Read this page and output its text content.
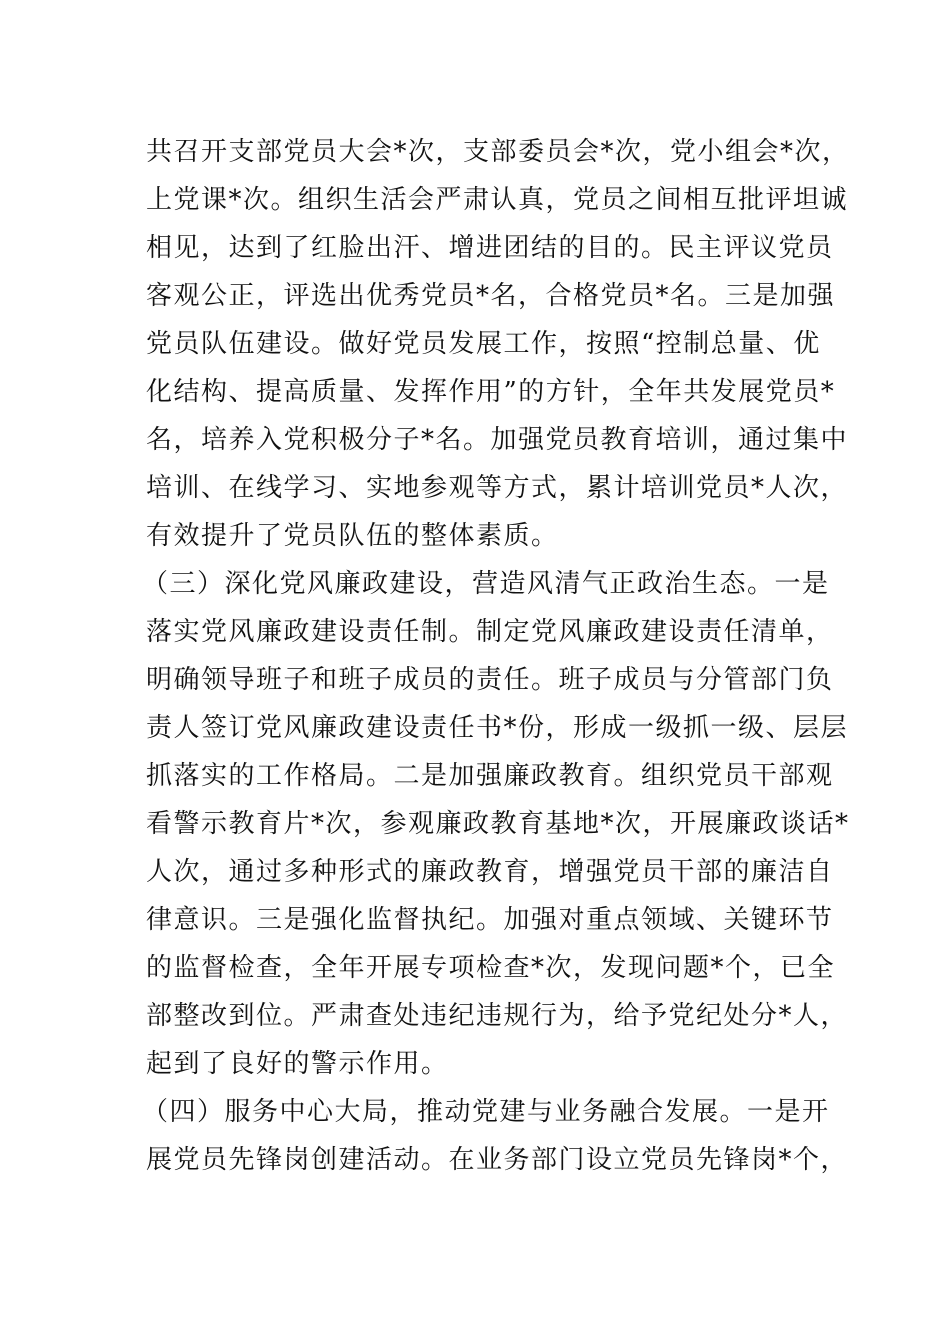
共召开支部党员大会*次，支部委员会*次，党小组会*次，
上党课*次。组织生活会严肃认真，党员之间相互批评坦诚
相见，达到了红脸出汗、增进团结的目的。民主评议党员
客观公正，评选出优秀党员*名，合格党员*名。三是加强
党员队伍建设。做好党员发展工作，按照“控制总量、优
化结构、提高质量、发挥作用”的方针，全年共发展党员*
名，培养入党积极分子*名。加强党员教育培训，通过集中
培训、在线学习、实地参观等方式，累计培训党员*人次，
有效提升了党员队伍的整体素质。
（三）深化党风廉政建设，营造风清气正政治生态。一是
落实党风廉政建设责任制。制定党风廉政建设责任清单，
明确领导班子和班子成员的责任。班子成员与分管部门负
责人签订党风廉政建设责任书*份，形成一级抓一级、层层
抓落实的工作格局。二是加强廉政教育。组织党员干部观
看警示教育片*次，参观廉政教育基地*次，开展廉政谈话*
人次，通过多种形式的廉政教育，增强党员干部的廉洁自
律意识。三是强化监督执纪。加强对重点领域、关键环节
的监督检查，全年开展专项检查*次，发现问题*个，已全
部整改到位。严肃查处违纪违规行为，给予党纪处分*人，
起到了良好的警示作用。
（四）服务中心大局，推动党建与业务融合发展。一是开
展党员先锋岗创建活动。在业务部门设立党员先锋岗*个，
